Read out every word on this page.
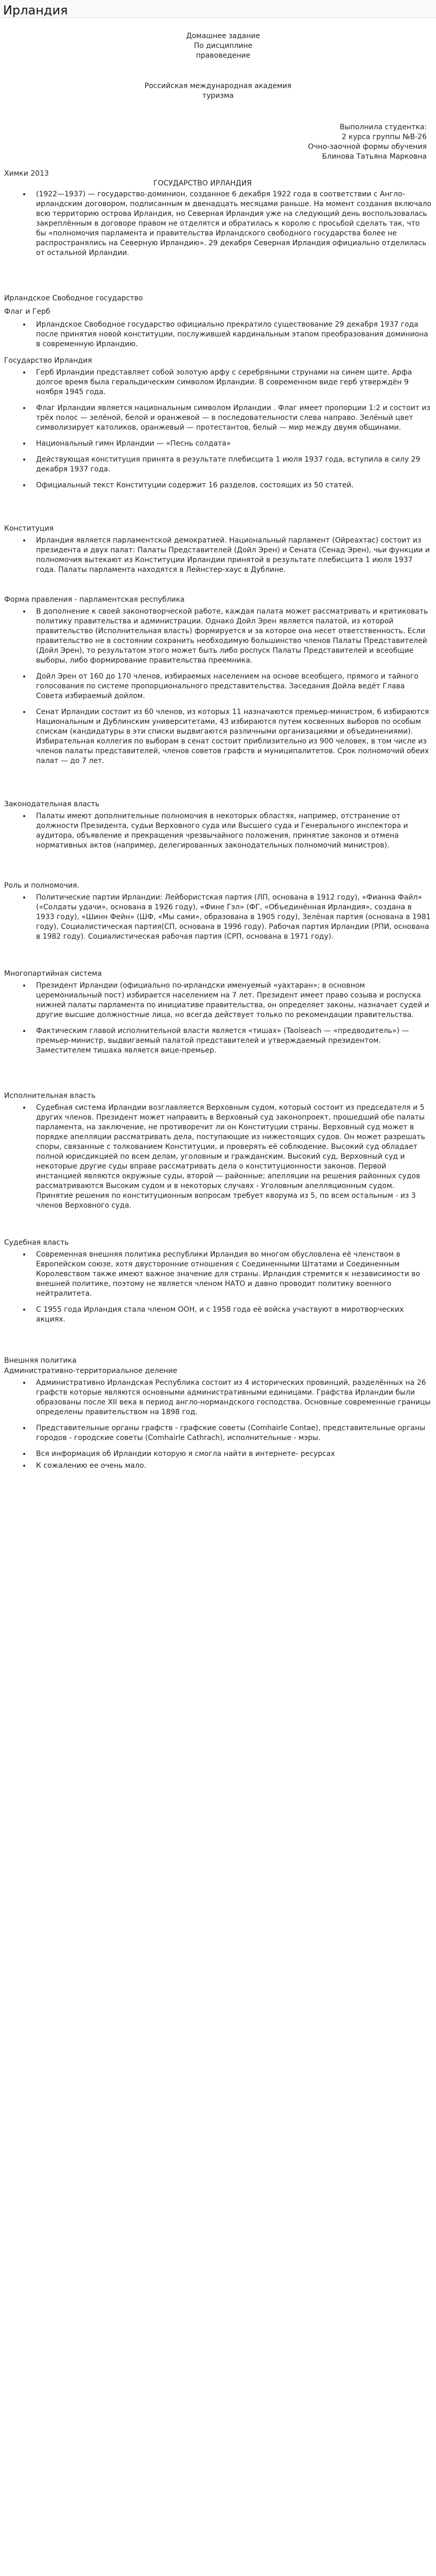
Ирландия

Домашнее задание

По дисциплине правоведение

Российская международная академия туризма

Выполнила студентка:

2 курса группы №В-26

Очно-заочной формы обучения

Блинова Татьяна Марковна

Химки 2013

ГОСУДАРСТВО ИРЛАНДИЯ

• (1922—1937) — государство-доминион, созданное 6 декабря 1922 года в соответствии с Англо-ирландским договором, подписанным м двенадцать месяцами раньше. На момент создания включало всю территорию острова Ирландия, но Северная Ирландия уже на следующий день воспользовалась закреплённым в договоре правом не отделятся и обратилась к королю с просьбой сделать так, что бы «полномочия парламента и правительства Ирландского свободного государства более не распространялись на Северную Ирландию». 29 декабря Северная Ирландия официально отделилась от остальной Ирландии.

Ирландское Свободное государство

Флаг и Герб

• Ирландское Свободное государство официально прекратило существование 29 декабря 1937 года после принятия новой конституции, послужившей кардинальным этапом преобразования доминиона в современную Ирландию.

Государство Ирландия

• Герб Ирландии представляет собой золотую арфу с серебряными струнами на синем щите. Арфа долгое время была геральдическим символом Ирландии. В современном виде герб утверждён 9 ноября 1945 года.
• Флаг Ирландии является национальным символом Ирландии . Флаг имеет пропорции 1:2 и состоит из трёх полос — зелёной, белой и оранжевой — в последовательности слева направо. Зелёный цвет символизирует католиков, оранжевый — протестантов, белый — мир между двумя общинами.
• Национальный гимн Ирландии — «Песнь солдата»
• Действующая конституция принята в результате плебисцита 1 июля 1937 года, вступила в силу 29 декабря 1937 года.
• Официальный текст Конституции содержит 16 разделов, состоящих из 50 статей.

Конституция

• Ирландия является парламентской демократией. Национальный парламент (Ойреахтас) состоит из президента и двух палат: Палаты Представителей (Дойл Эрен) и Сената (Сенад Эрен), чьи функции и полномочия вытекают из Конституции Ирландии принятой в результате плебисцита 1 июля 1937 года. Палаты парламента находятся в Лейнстер-хаус в Дублине.

Форма правления - парламентская республика

• В дополнение к своей законотворческой работе, каждая палата может рассматривать и критиковать политику правительства и администрации. Однако Дойл Эрен является палатой, из которой правительство (Исполнительная власть) формируется и за которое она несет ответственность. Если правительство не в состоянии сохранить необходимую большинство членов Палаты Представителей (Дойл Эрен), то результатом этого может быть либо роспуск Палаты Представителей и всеобщие выборы, либо формирование правительства преемника.
• Дойл Эрен от 160 до 170 членов, избираемых населением на основе всеобщего, прямого и тайного голосования по системе пропорционального представительства. Заседания Дойла ведёт Глава Совета избираемый дойлом.
• Сенат Ирландии состоит из 60 членов, из которых 11 назначаются премьер-министром, 6 избираются Национальным и Дублинским университетами, 43 избираются путем косвенных выборов по особым спискам (кандидатуры в эти списки выдвигаются различными организациями и объединениями). Избирательная коллегия по выборам в сенат состоит приблизительно из 900 человек, в том числе из членов палаты представителей, членов советов графств и муниципалитетов. Срок полномочий обеих палат — до 7 лет.

Законодательная власть

• Палаты имеют дополнительные полномочия в некоторых областях, например, отстранение от должности Президента, судьи Верховного суда или Высшего суда и Генерального инспектора и аудитора, объявление и прекращения чрезвычайного положения, принятие законов и отмена нормативных актов (например, делегированных законодательных полномочий министров).

Роль и полномочия.

• Политические партии Ирландии: Лейбористская партия (ЛП, основана в 1912 году), «Фианна Файл» («Солдаты удачи», основана в 1926 году), «Фине Гэл» (ФГ, «Объединённая Ирландия», создана в 1933 году), «Шинн Фейн» (ШФ, «Мы сами», образована в 1905 году), Зелёная партия (основана в 1981 году), Социалистическая партия(СП, основана в 1996 году). Рабочая партия Ирландии (РПИ, основана в 1982 году). Социалистическая рабочая партия (СРП, основана в 1971 году).

Многопартийная система

• Президент Ирландии (официально по-ирландски именуемый «уахтаран»; в основном церемониальный пост) избирается населением на 7 лет. Президент имеет право созыва и роспуска нижней палаты парламента по инициативе правительства, он определяет законы, назначает судей и другие высшие должностные лица, но всегда действует только по рекомендации правительства.
• Фактическим главой исполнительной власти является «тишах» (Taoiseach — «предводитель») — премьер-министр, выдвигаемый палатой представителей и утверждаемый президентом. Заместителем тишаха является вице-премьер.

Исполнительная власть

• Судебная система Ирландии возглавляется Верховным судом, который состоит из председателя и 5 других членов. Президент может направить в Верховный суд законопроект, прошедший обе палаты парламента, на заключение, не противоречит ли он Конституции страны. Верховный суд может в порядке апелляции рассматривать дела, поступающие из нижестоящих судов. Он может разрешать споры, связанные с толкованием Конституции, и проверять её соблюдение. Высокий суд обладает полной юрисдикцией по всем делам, уголовным и гражданским. Высокий суд, Верховный суд и некоторые другие суды вправе рассматривать дела о конституционности законов. Первой инстанцией являются окружные суды, второй — районные; апелляции на решения районных судов рассматриваются Высоким судом и в некоторых случаях - Уголовным апелляционным судом. Принятие решения по конституционным вопросам требует кворума из 5, по всем остальным - из 3 членов Верховного суда.

Судебная власть

• Современная внешняя политика республики Ирландия во многом обусловлена её членством в Европейском союзе, хотя двусторонние отношения с Соединенными Штатами и Соединенным Королевством также имеют важное значение для страны. Ирландия стремится к независимости во внешней политике, поэтому не является членом НАТО и давно проводит политику военного нейтралитета.
• С 1955 года Ирландия стала членом ООН, и с 1958 года её войска участвуют в миротворческих акциях.

Внешняя политика

Административно-территориальное деление

• Административно Ирландская Республика состоит из 4 исторических провинций, разделённых на 26 графств которые являются основными административными единицами. Графства Ирландии были образованы после XII века в период англо-нормандского господства. Основные современные границы определены правительством на 1898 год.
• Представительные органы графств - графские советы (Comhairle Contae), представительные органы городов - городские советы (Comhairle Cathrach), исполнительные - мэры.
• Вся информация об Ирландии которую я смогла найти в интернете- ресурсах
• К сожалению ее очень мало.
